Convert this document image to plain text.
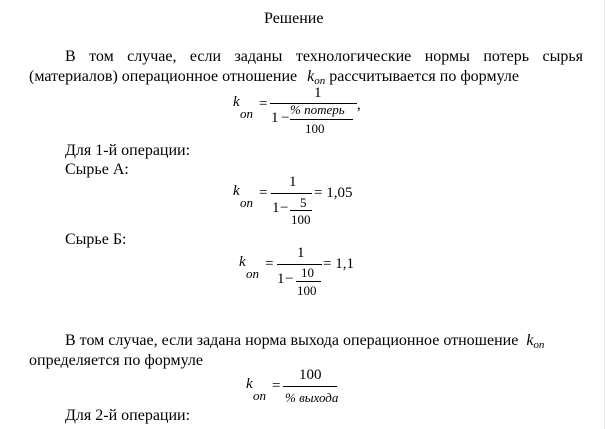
Решение
В том случае, если заданы технологические нормы потерь сырья
(материалов) операционное отношение kon рассчитывается по формуле
k
on
=
1
1 −
% потерь
100
,
Для 1-й операции:
Сырье А:
k
on
=
1
1 − 5
100
= 1,05
Сырье Б:
k
on
=
1
1 − 10
100
= 1,1
В том случае, если задана норма выхода операционное отношение kon
определяется по формуле
k
on
=
100
% выхода
Для 2-й операции:
